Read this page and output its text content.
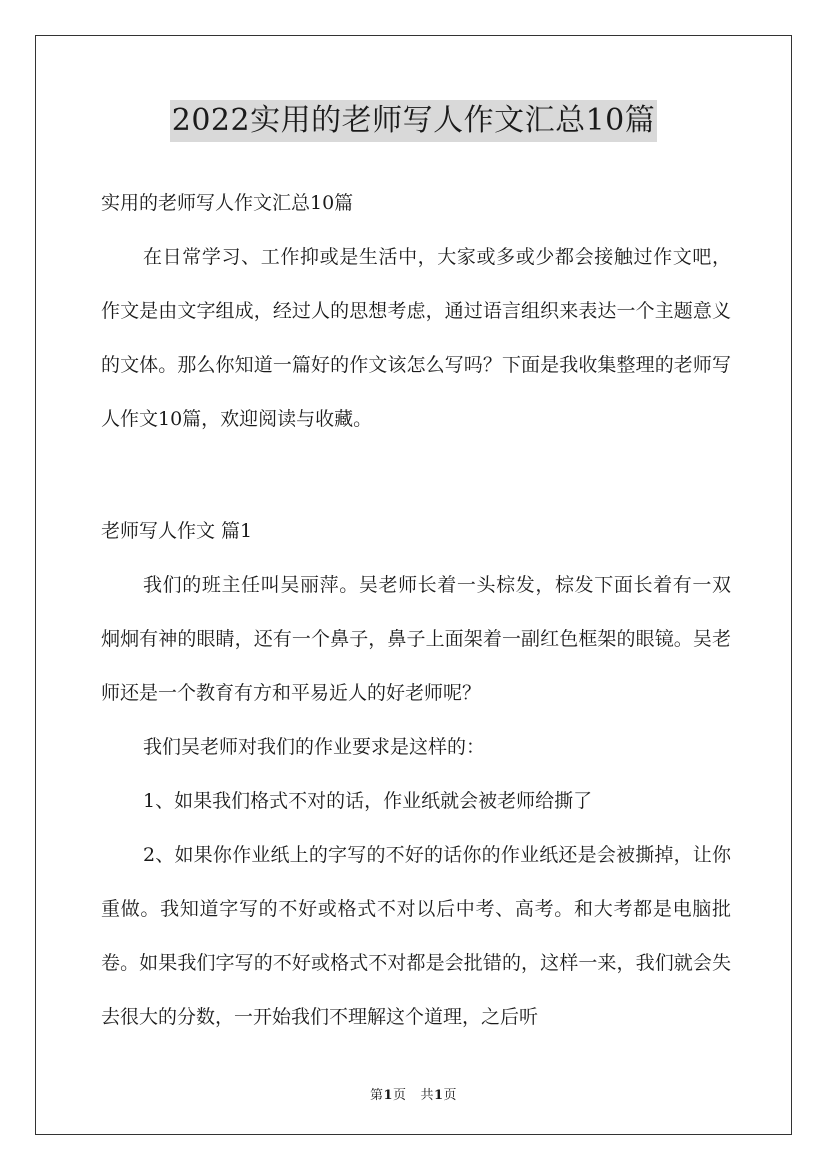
2022实用的老师写人作文汇总10篇

实用的老师写人作文汇总10篇

在日常学习、工作抑或是生活中，大家或多或少都会接触过作文吧，作文是由文字组成，经过人的思想考虑，通过语言组织来表达一个主题意义的文体。那么你知道一篇好的作文该怎么写吗？下面是我收集整理的老师写人作文10篇，欢迎阅读与收藏。

老师写人作文 篇1

我们的班主任叫吴丽萍。吴老师长着一头棕发，棕发下面长着有一双炯炯有神的眼睛，还有一个鼻子，鼻子上面架着一副红色框架的眼镜。吴老师还是一个教育有方和平易近人的好老师呢？

我们吴老师对我们的作业要求是这样的：

1、如果我们格式不对的话，作业纸就会被老师给撕了

2、如果你作业纸上的字写的不好的话你的作业纸还是会被撕掉，让你重做。我知道字写的不好或格式不对以后中考、高考。和大考都是电脑批卷。如果我们字写的不好或格式不对都是会批错的，这样一来，我们就会失去很大的分数，一开始我们不理解这个道理，之后听

第1页 共1页
